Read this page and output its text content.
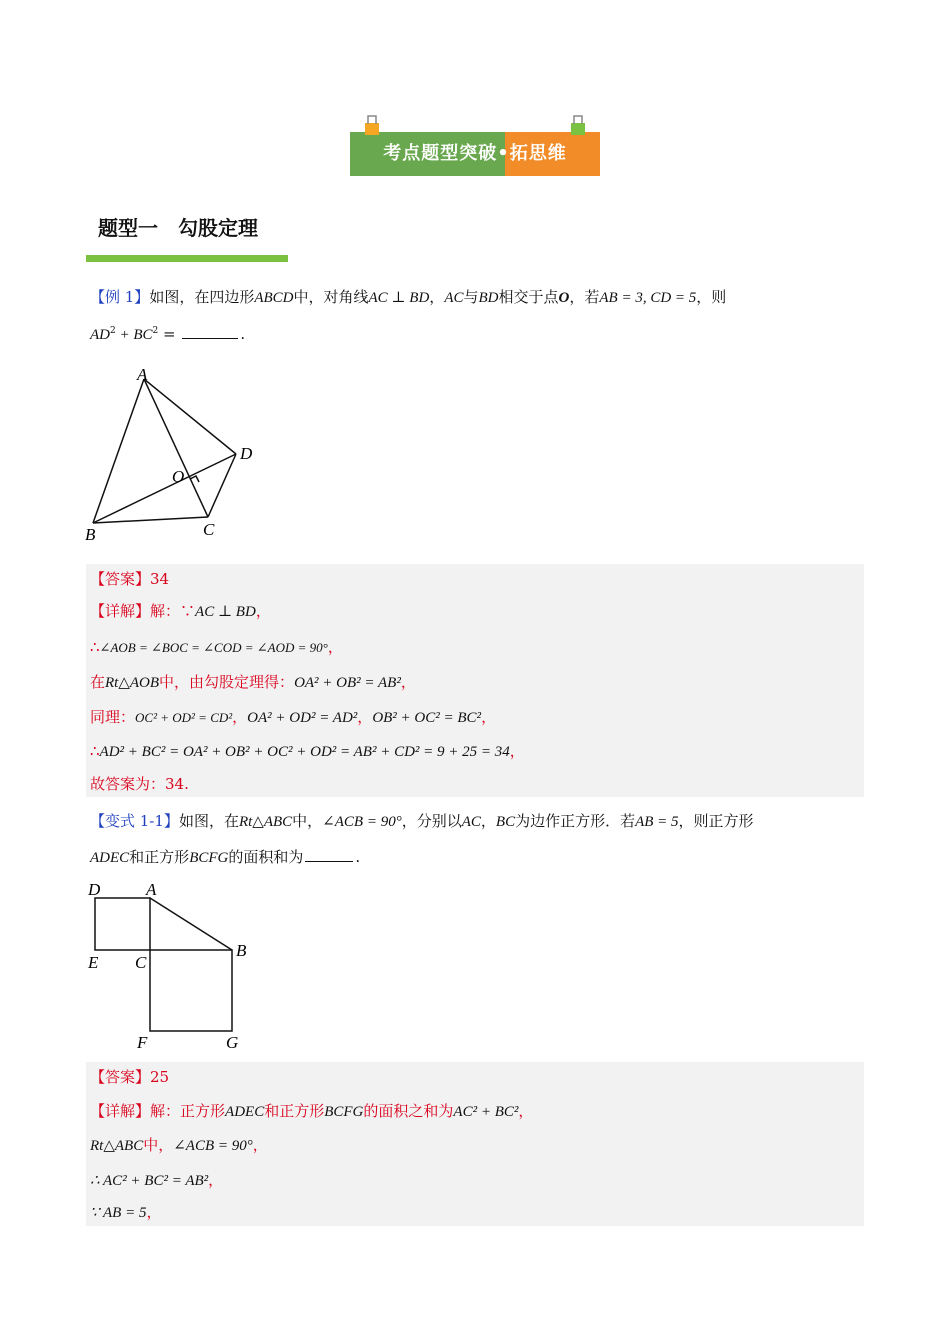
考点题型突破•拓思维
题型一　勾股定理
【例 1】如图，在四边形ABCD中，对角线AC ⊥ BD，AC与BD相交于点O，若AB = 3, CD = 5，则
$AD^2 + BC^2$ =	.
A
B	C
D
O
【答案】34
【详解】解：∵AC ⊥ BD，
∴∠AOB = ∠BOC = ∠COD = ∠AOD = 90°，
在Rt△AOB中，由勾股定理得：OA² + OB² = AB²，
同理：OC² + OD² = CD²，OA² + OD² = AD²，OB² + OC² = BC²，
∴AD² + BC² = OA² + OB² + OC² + OD² = AB² + CD² = 9 + 25 = 34，
故答案为：34.
【变式 1-1】如图，在Rt△ABC中，∠ACB = 90°，分别以AC，BC为边作正方形．若AB = 5，则正方形
ADEC和正方形BCFG的面积和为	.
D	A
B
E C
F	G
【答案】25
【详解】解：正方形ADEC和正方形BCFG的面积之和为AC² + BC²，
Rt△ABC中，∠ACB = 90°，
∴ AC² + BC² = AB²，
∵ AB = 5，
